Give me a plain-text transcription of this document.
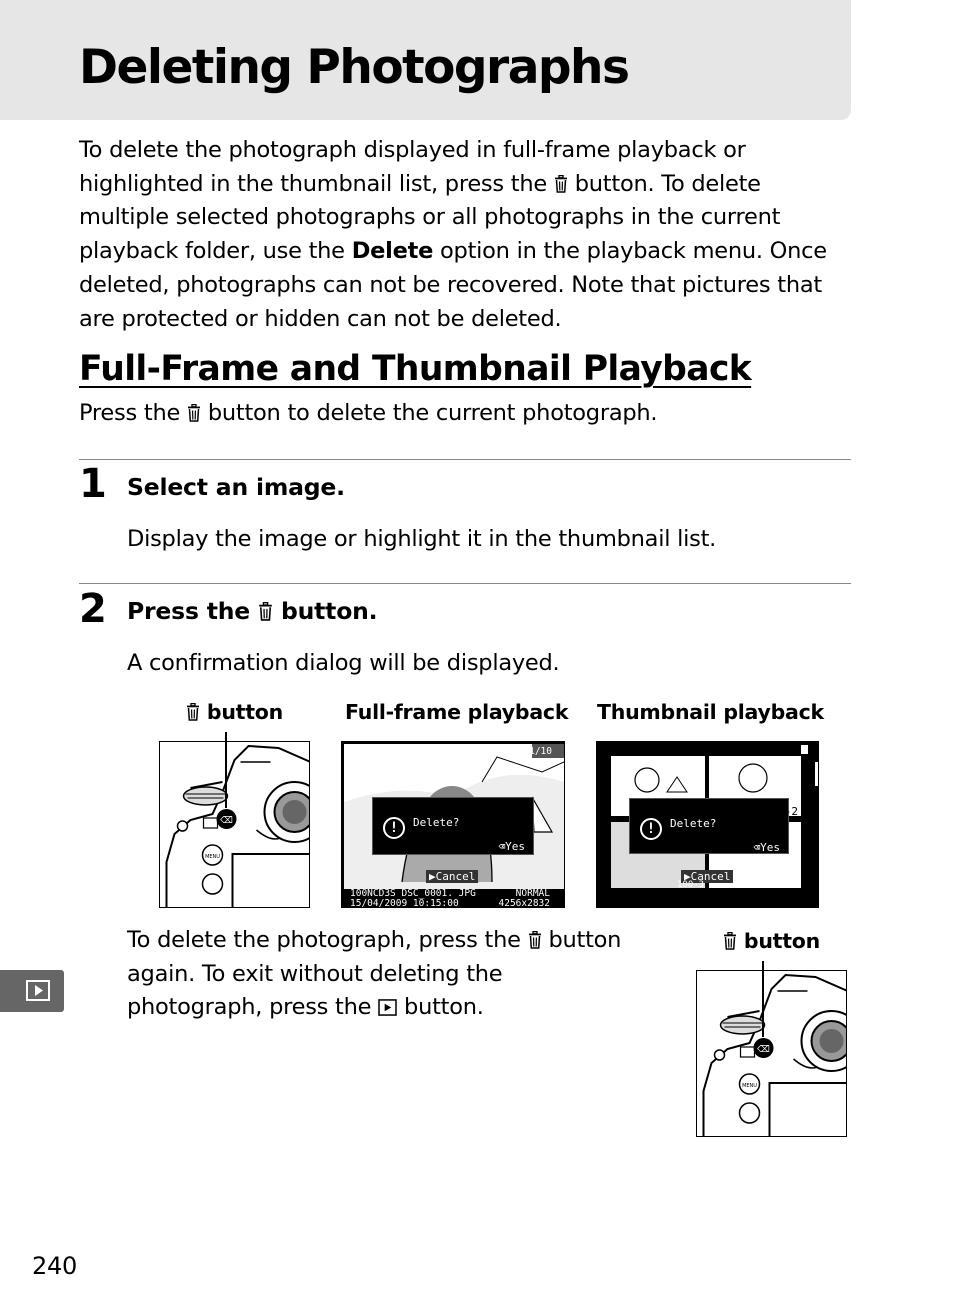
Deleting Photographs
To delete the photograph displayed in full-frame playback or highlighted in the thumbnail list, press the button. To delete multiple selected photographs or all photographs in the current playback folder, use the Delete option in the playback menu. Once deleted, photographs can not be recovered. Note that pictures that are protected or hidden can not be deleted.
Full-Frame and Thumbnail Playback
Press the button to delete the current photograph.
1 Select an image.
Display the image or highlight it in the thumbnail list.
2 Press the button.
A confirmation dialog will be displayed.
button	Full-frame playback Thumbnail playback
⌫
MENU
1/10
!	Delete?
⌫Yes
▶Cancel
100NCD3S DSC_0001. JPG	NORMAL
15/04/2009 10:15:00	4256x2832
!	Delete?
⌫Yes
-2
▶Cancel
100-3	100-4
To delete the photograph, press the button
again. To exit without deleting the
photograph, press the button.
button
⌫
MENU
240
